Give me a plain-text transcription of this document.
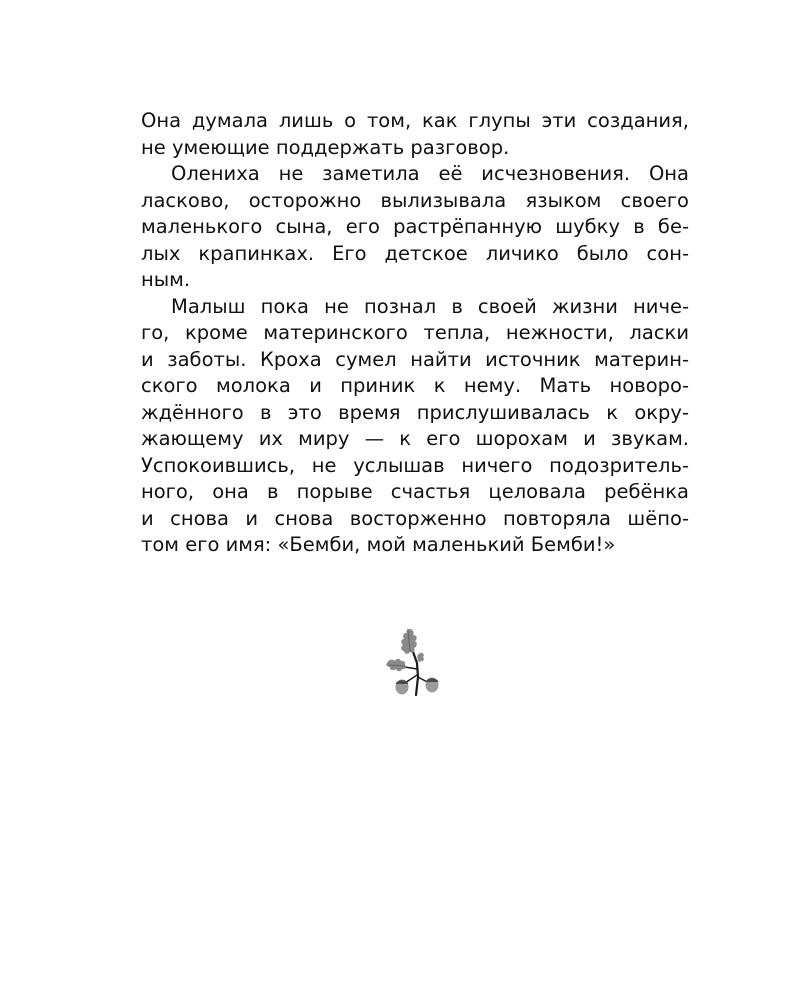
Она думала лишь о том, как глупы эти создания,
не умеющие поддержать разговор.
Олениха не заметила её исчезновения. Она
ласково, осторожно вылизывала языком своего
маленького сына, его растрёпанную шубку в бе-
лых крапинках. Его детское личико было сон-
ным.
Малыш пока не познал в своей жизни ниче-
го, кроме материнского тепла, нежности, ласки
и заботы. Кроха сумел найти источник материн-
ского молока и приник к нему. Мать новоро-
ждённого в это время прислушивалась к окру-
жающему их миру — к его шорохам и звукам.
Успокоившись, не услышав ничего подозритель-
ного, она в порыве счастья целовала ребёнка
и снова и снова восторженно повторяла шёпо-
том его имя: «Бемби, мой маленький Бемби!»
